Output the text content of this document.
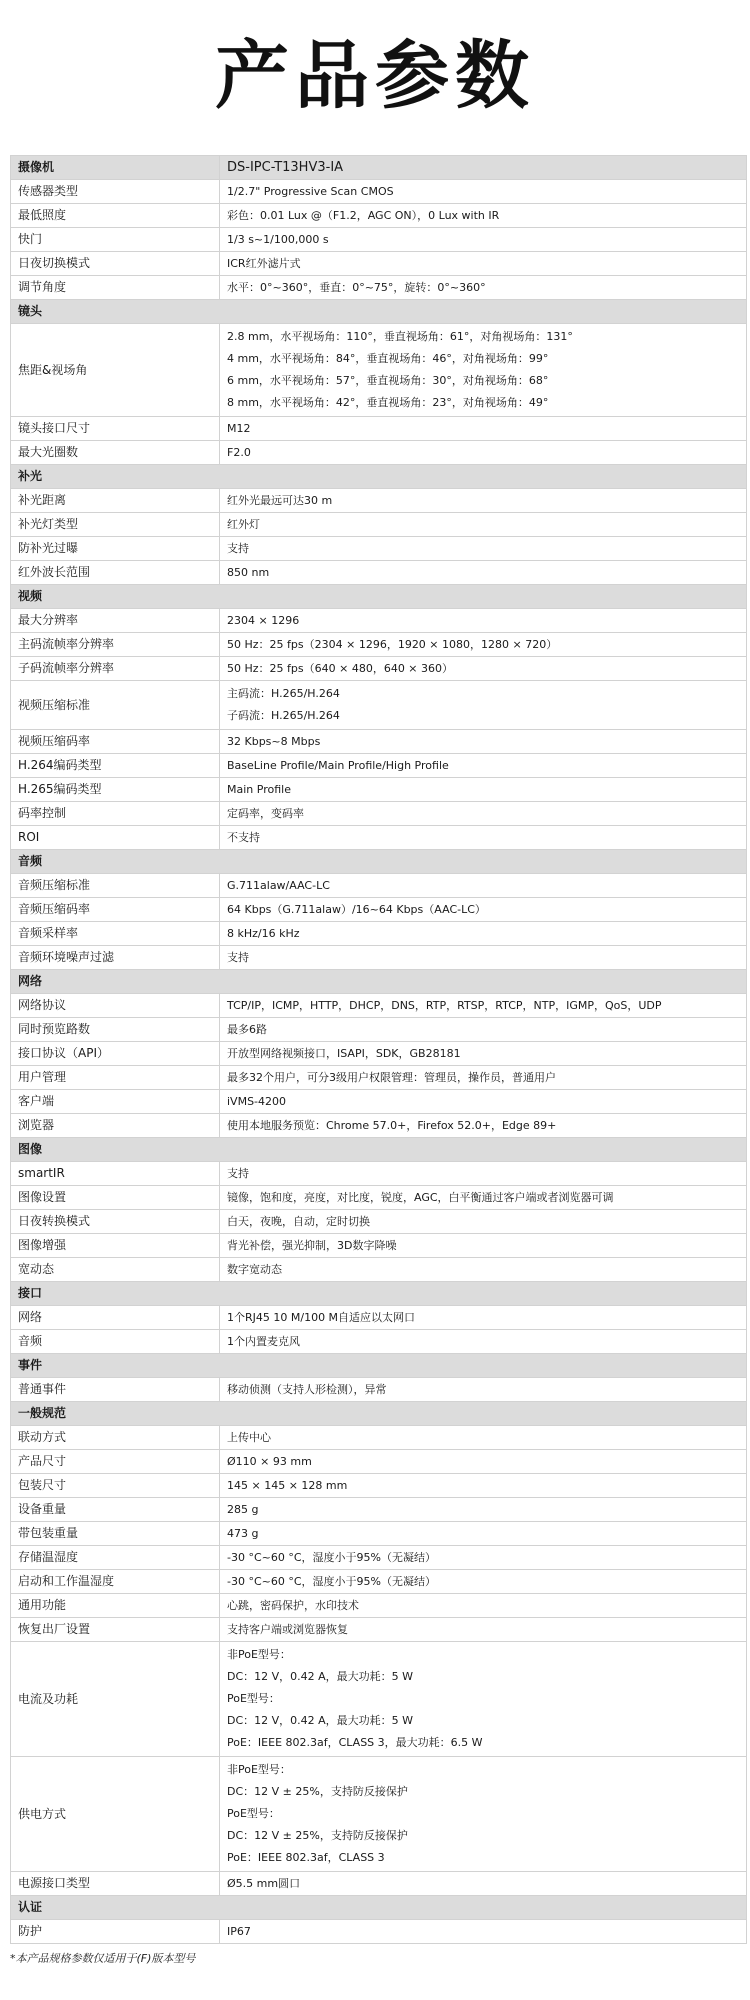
产品参数
摄像机	DS-IPC-T13HV3-IA
传感器类型	1/2.7" Progressive Scan CMOS
最低照度	彩色：0.01 Lux @（F1.2，AGC ON），0 Lux with IR
快门	1/3 s~1/100,000 s
日夜切换模式	ICR红外滤片式
调节角度	水平：0°~360°，垂直：0°~75°，旋转：0°~360°
镜头	
焦距&视场角	2.8 mm，水平视场角：110°，垂直视场角：61°，对角视场角：131°
4 mm，水平视场角：84°，垂直视场角：46°，对角视场角：99°
6 mm，水平视场角：57°，垂直视场角：30°，对角视场角：68°
8 mm，水平视场角：42°，垂直视场角：23°，对角视场角：49°

镜头接口尺寸	M12
最大光圈数	F2.0
补光	
补光距离	红外光最远可达30 m
补光灯类型	红外灯
防补光过曝	支持
红外波长范围	850 nm
视频	
最大分辨率	2304 × 1296
主码流帧率分辨率	50 Hz：25 fps（2304 × 1296，1920 × 1080，1280 × 720）
子码流帧率分辨率	50 Hz：25 fps（640 × 480，640 × 360）
视频压缩标准	主码流：H.265/H.264
子码流：H.265/H.264

视频压缩码率	32 Kbps~8 Mbps
H.264编码类型	BaseLine Profile/Main Profile/High Profile
H.265编码类型	Main Profile
码率控制	定码率，变码率
ROI	不支持
音频	
音频压缩标准	G.711alaw/AAC-LC
音频压缩码率	64 Kbps（G.711alaw）/16~64 Kbps（AAC-LC）
音频采样率	8 kHz/16 kHz
音频环境噪声过滤	支持
网络	
网络协议	TCP/IP，ICMP，HTTP，DHCP，DNS，RTP，RTSP，RTCP，NTP，IGMP，QoS，UDP
同时预览路数	最多6路
接口协议（API）	开放型网络视频接口，ISAPI，SDK，GB28181
用户管理	最多32个用户，可分3级用户权限管理：管理员，操作员，普通用户
客户端	iVMS-4200
浏览器	使用本地服务预览：Chrome 57.0+，Firefox 52.0+，Edge 89+
图像	
smartIR	支持
图像设置	镜像，饱和度，亮度，对比度，锐度，AGC，白平衡通过客户端或者浏览器可调
日夜转换模式	白天，夜晚，自动，定时切换
图像增强	背光补偿，强光抑制，3D数字降噪
宽动态	数字宽动态
接口	
网络	1个RJ45 10 M/100 M自适应以太网口
音频	1个内置麦克风
事件	
普通事件	移动侦测（支持人形检测），异常
一般规范	
联动方式	上传中心
产品尺寸	Ø110 × 93 mm
包装尺寸	145 × 145 × 128 mm
设备重量	285 g
带包装重量	473 g
存储温湿度	-30 °C~60 °C，湿度小于95%（无凝结）
启动和工作温湿度	-30 °C~60 °C，湿度小于95%（无凝结）
通用功能	心跳，密码保护，水印技术
恢复出厂设置	支持客户端或浏览器恢复
电流及功耗	非PoE型号：
DC：12 V，0.42 A，最大功耗：5 W
PoE型号：
DC：12 V，0.42 A，最大功耗：5 W
PoE：IEEE 802.3af，CLASS 3，最大功耗：6.5 W

供电方式	非PoE型号：
DC：12 V ± 25%，支持防反接保护
PoE型号：
DC：12 V ± 25%，支持防反接保护
PoE：IEEE 802.3af，CLASS 3

电源接口类型	Ø5.5 mm圆口
认证	
防护	IP67
*本产品规格参数仅适用于(F)版本型号
